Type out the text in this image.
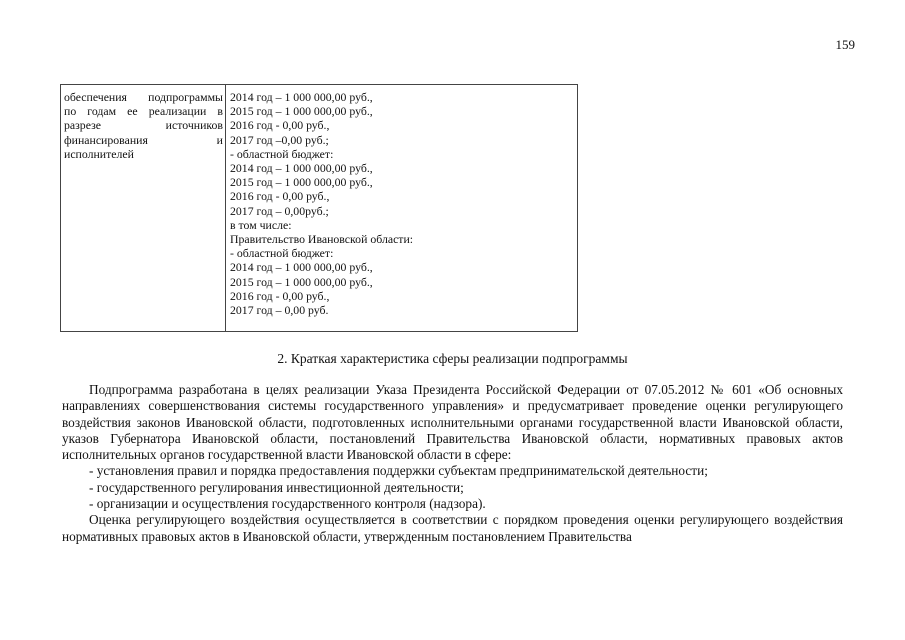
159
обеспечения подпрограммы
по годам ее реализации в
разрезе источников
финансирования и
исполнителей
2014 год – 1 000 000,00 руб.,
2015 год – 1 000 000,00 руб.,
2016 год - 0,00 руб.,
2017 год –0,00 руб.;
- областной бюджет:
2014 год – 1 000 000,00 руб.,
2015 год – 1 000 000,00 руб.,
2016 год - 0,00 руб.,
2017 год – 0,00руб.;
в том числе:
Правительство Ивановской области:
- областной бюджет:
2014 год – 1 000 000,00 руб.,
2015 год – 1 000 000,00 руб.,
2016 год - 0,00 руб.,
2017 год – 0,00 руб.
2. Краткая характеристика сферы реализации подпрограммы

Подпрограмма разработана в целях реализации Указа Президента Российской Федерации от 07.05.2012 № 601 «Об основных направлениях совершенствования системы государственного управления» и предусматривает проведение оценки регулирующего воздействия законов Ивановской области, подготовленных исполнительными органами государственной власти Ивановской области, указов Губернатора Ивановской области, постановлений Правительства Ивановской области, нормативных правовых актов исполнительных органов государственной власти Ивановской области в сфере:

- установления правил и порядка предоставления поддержки субъектам предпринимательской деятельности;
- государственного регулирования инвестиционной деятельности;
- организации и осуществления государственного контроля (надзора).

Оценка регулирующего воздействия осуществляется в соответствии с порядком проведения оценки регулирующего воздействия нормативных правовых актов в Ивановской области, утвержденным постановлением Правительства
